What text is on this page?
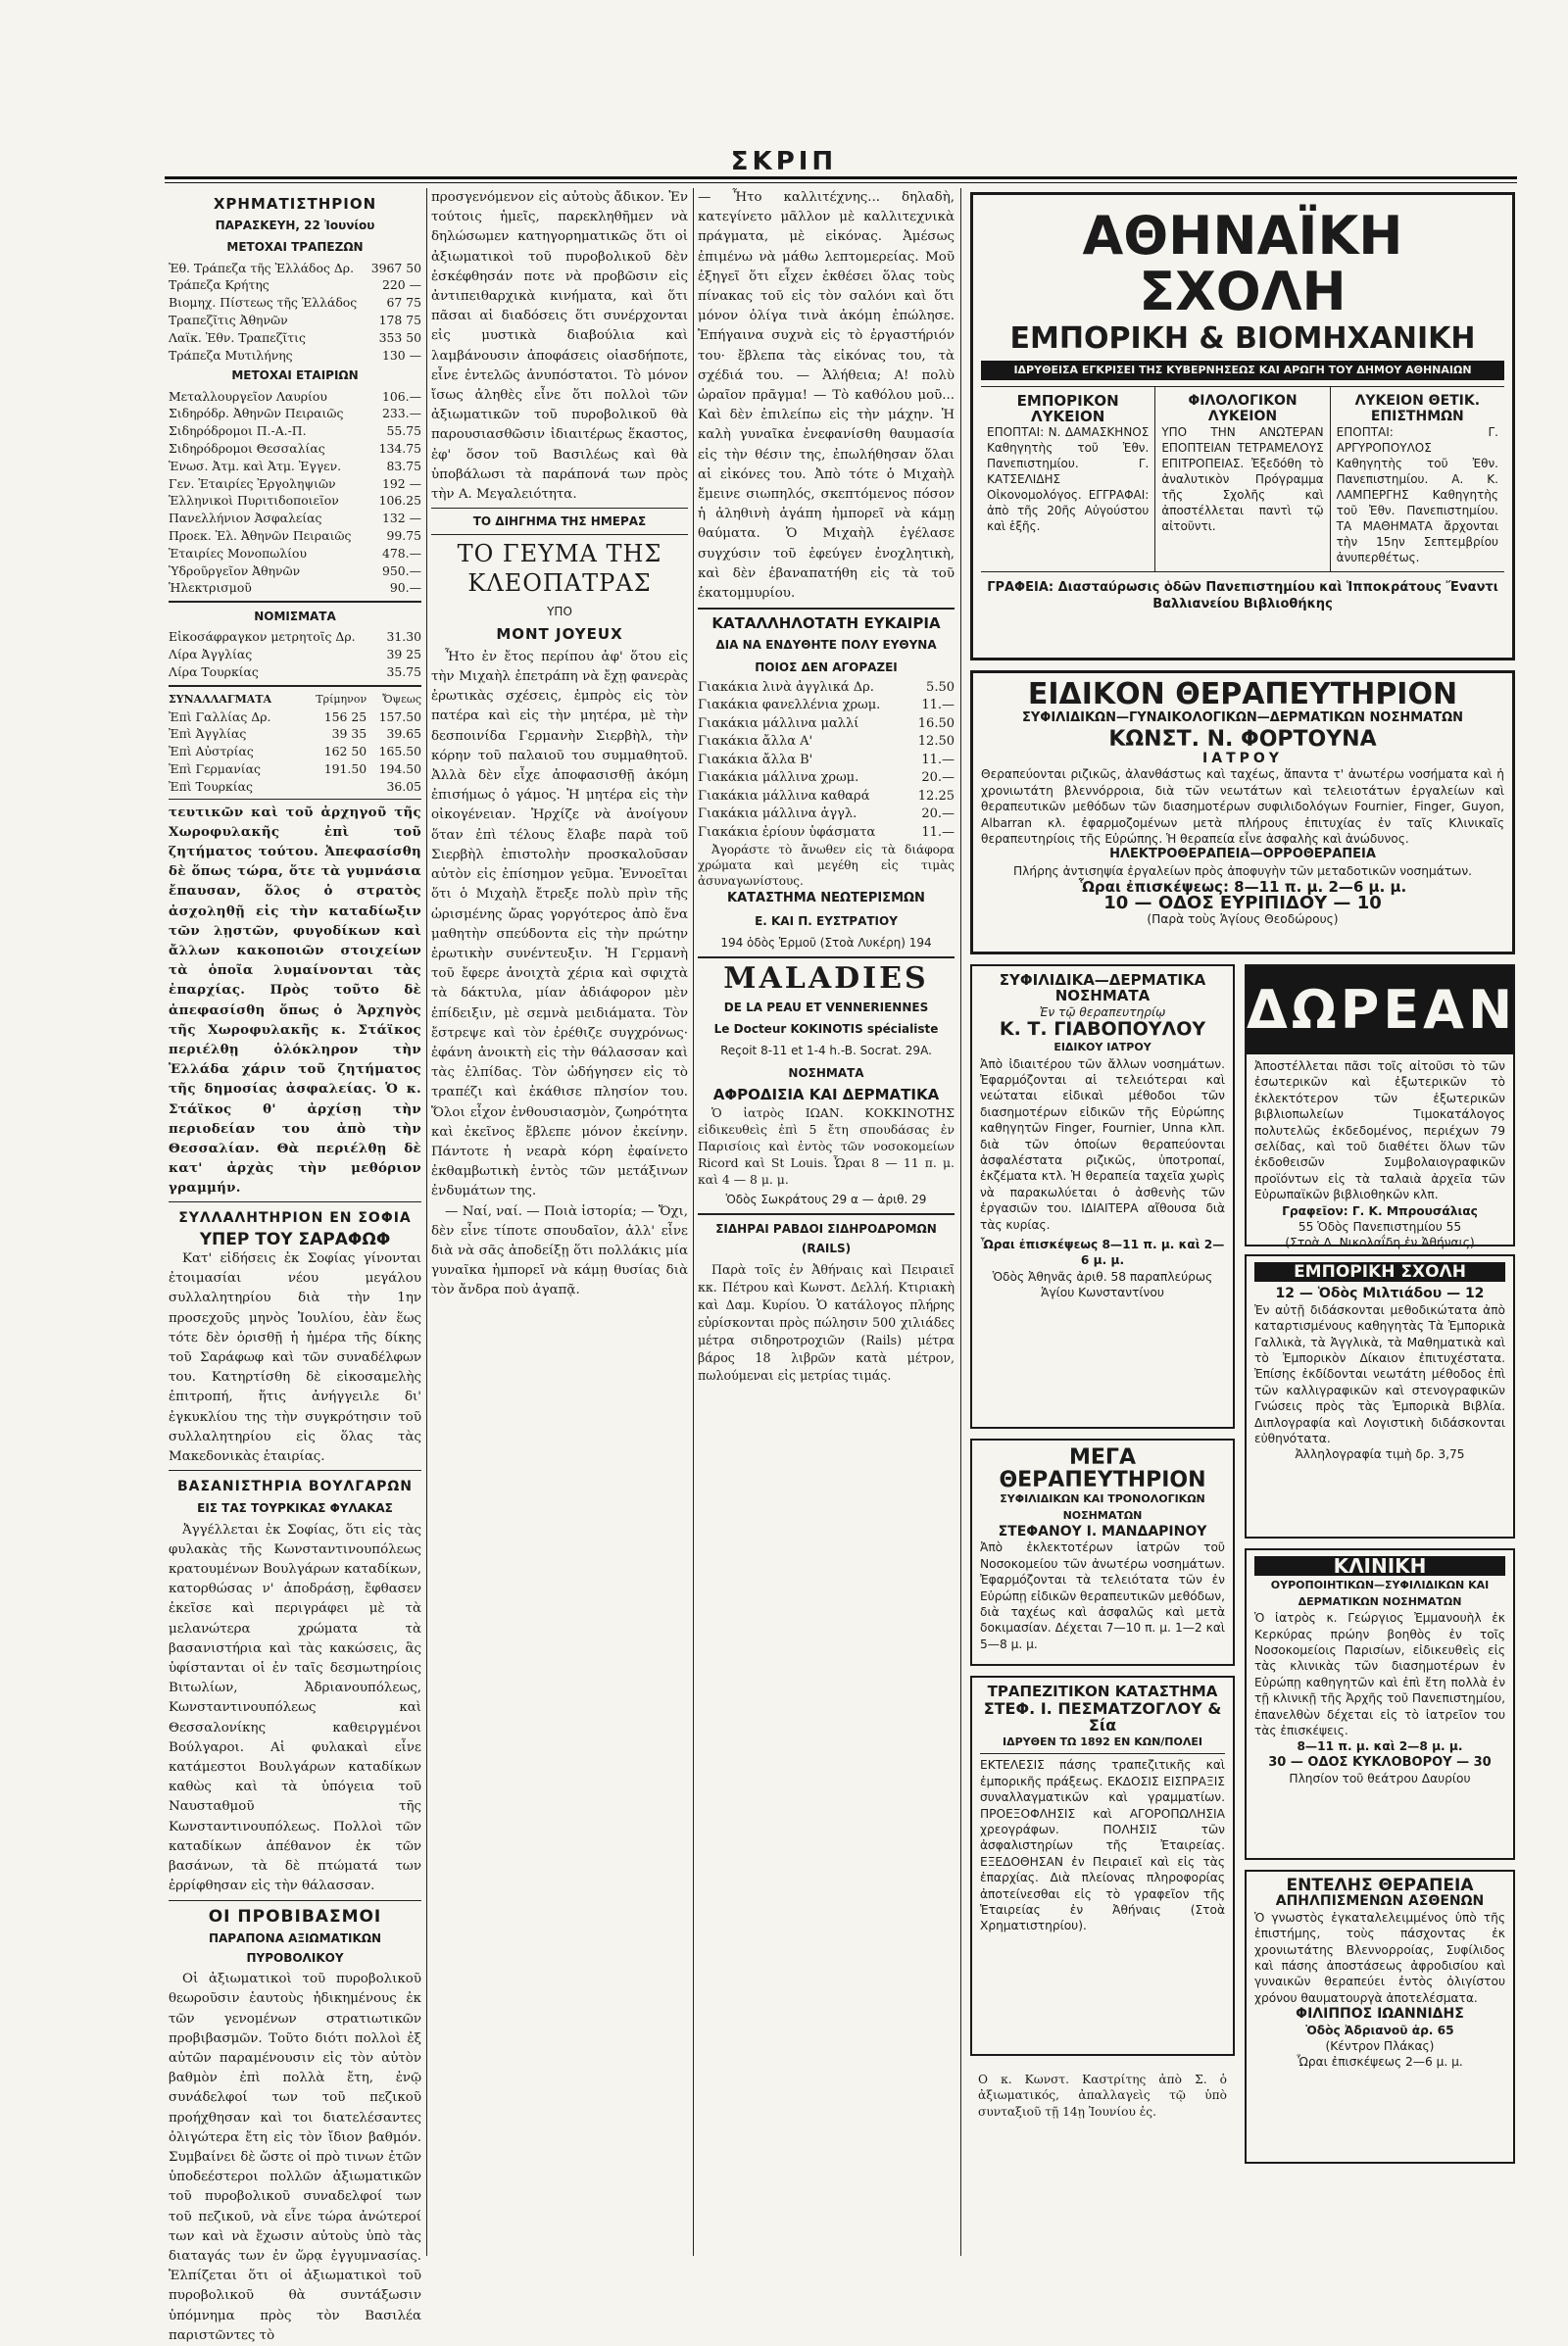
ΣΚΡΙΠ
ΧΡΗΜΑΤΙΣΤΗΡΙΟΝ
ΠΑΡΑΣΚΕΥΗ, 22 Ἰουνίου
ΜΕΤΟΧΑΙ ΤΡΑΠΕΖΩΝ
Ἐθ. Τράπεζα τῆς Ἑλλάδος Δρ.	3967 50
Τράπεζα Κρήτης	220 —
Βιομηχ. Πίστεως τῆς Ἑλλάδος	67 75
Τραπεζῖτις Ἀθηνῶν	178 75
Λαϊκ. Ἐθν. Τραπεζῖτις	353 50
Τράπεζα Μυτιλήνης	130 —
ΜΕΤΟΧΑΙ ΕΤΑΙΡΙΩΝ
Μεταλλουργεῖον Λαυρίου	106.—
Σιδηρόδρ. Ἀθηνῶν Πειραιῶς	233.—
Σιδηρόδρομοι Π.-Α.-Π.	55.75
Σιδηρόδρομοι Θεσσαλίας	134.75
Ἑνωσ. Ἀτμ. καὶ Ἀτμ. Ἐγγεν.	83.75
Γεν. Ἑταιρίες Ἐργοληψιῶν	192 —
Ἑλληνικοὶ Πυριτιδοποιεῖον	106.25
Πανελλήνιον Ἀσφαλείας	132 —
Προεκ. Ἐλ. Ἀθηνῶν Πειραιῶς	99.75
Ἑταιρίες Μονοπωλίου	478.—
Ὑδροῦργεῖον Ἀθηνῶν	950.—
Ἡλεκτρισμοῦ	90.—
ΝΟΜΙΣΜΑΤΑ
Εἰκοσάφραγκον μετρητοῖς Δρ.	31.30
Λίρα Ἀγγλίας	39 25
Λίρα Τουρκίας	35.75
ΣΥΝΑΛΛΑΓΜΑΤΑ	Τρίμηνον	Ὄψεως
Ἐπὶ Γαλλίας Δρ.	156 25	157.50
Ἐπὶ Ἀγγλίας	39 35	39.65
Ἐπὶ Αὐστρίας	162 50	165.50
Ἐπὶ Γερμανίας	191.50	194.50
Ἐπὶ Τουρκίας		36.05

τευτικῶν καὶ τοῦ ἀρχηγοῦ τῆς Χωροφυλακῆς ἐπὶ τοῦ ζητήματος τούτου. Ἀπεφασίσθη δὲ ὅπως τώρα, ὅτε τὰ γυμνάσια ἔπαυσαν, ὅλος ὁ στρατὸς ἀσχοληθῇ εἰς τὴν καταδίωξιν τῶν λῃστῶν, φυγοδίκων καὶ ἄλλων κακοποιῶν στοιχείων τὰ ὁποῖα λυμαίνονται τὰς ἐπαρχίας. Πρὸς τοῦτο δὲ ἀπεφασίσθη ὅπως ὁ Ἀρχηγὸς τῆς Χωροφυλακῆς κ. Στάϊκος περιέλθῃ ὁλόκληρον τὴν Ἑλλάδα χάριν τοῦ ζητήματος τῆς δημοσίας ἀσφαλείας. Ὁ κ. Στάϊκος θ' ἀρχίσῃ τὴν περιοδείαν του ἀπὸ τὴν Θεσσαλίαν. Θὰ περιέλθῃ δὲ κατ' ἀρχὰς τὴν μεθόριον γραμμήν.

ΣΥΛΛΑΛΗΤΗΡΙΟΝ ΕΝ ΣΟΦΙΑ
ΥΠΕΡ ΤΟΥ ΣΑΡΑΦΩΦ

Κατ' εἰδήσεις ἐκ Σοφίας γίνονται ἐτοιμασίαι νέου μεγάλου συλλαλητηρίου διὰ τὴν 1ην προσεχοῦς μηνὸς Ἰουλίου, ἐὰν ἕως τότε δὲν ὁρισθῇ ἡ ἡμέρα τῆς δίκης τοῦ Σαράφωφ καὶ τῶν συναδέλφων του. Κατηρτίσθη δὲ εἰκοσαμελὴς ἐπιτροπή, ἥτις ἀνήγγειλε δι' ἐγκυκλίου της τὴν συγκρότησιν τοῦ συλλαλητηρίου εἰς ὅλας τὰς Μακεδονικὰς ἑταιρίας.

ΒΑΣΑΝΙΣΤΗΡΙΑ ΒΟΥΛΓΑΡΩΝ
ΕΙΣ ΤΑΣ ΤΟΥΡΚΙΚΑΣ ΦΥΛΑΚΑΣ

Ἀγγέλλεται ἐκ Σοφίας, ὅτι εἰς τὰς φυλακὰς τῆς Κωνσταντινουπόλεως κρατουμένων Βουλγάρων καταδίκων, κατορθώσας ν' ἀποδράσῃ, ἔφθασεν ἐκεῖσε καὶ περιγράφει μὲ τὰ μελανώτερα χρώματα τὰ βασανιστήρια καὶ τὰς κακώσεις, ἃς ὑφίστανται οἱ ἐν ταῖς δεσμωτηρίοις Βιτωλίων, Ἀδριανουπόλεως, Κωνσταντινουπόλεως καὶ Θεσσαλονίκης καθειργμένοι Βούλγαροι. Αἱ φυλακαὶ εἶνε κατάμεστοι Βουλγάρων καταδίκων καθὼς καὶ τὰ ὑπόγεια τοῦ Ναυσταθμοῦ τῆς Κωνσταντινουπόλεως. Πολλοὶ τῶν καταδίκων ἀπέθανον ἐκ τῶν βασάνων, τὰ δὲ πτώματά των ἐρρίφθησαν εἰς τὴν θάλασσαν.

ΟΙ ΠΡΟΒΙΒΑΣΜΟΙ
ΠΑΡΑΠΟΝΑ ΑΞΙΩΜΑΤΙΚΩΝ ΠΥΡΟΒΟΛΙΚΟΥ

Οἱ ἀξιωματικοὶ τοῦ πυροβολικοῦ θεωροῦσιν ἑαυτοὺς ἠδικημένους ἐκ τῶν γενομένων στρατιωτικῶν προβιβασμῶν. Τοῦτο διότι πολλοὶ ἐξ αὐτῶν παραμένουσιν εἰς τὸν αὐτὸν βαθμὸν ἐπὶ πολλὰ ἔτη, ἐνῷ συνάδελφοί των τοῦ πεζικοῦ προήχθησαν καὶ τοι διατελέσαντες ὀλιγώτερα ἔτη εἰς τὸν ἴδιον βαθμόν. Συμβαίνει δὲ ὥστε οἱ πρὸ τινων ἐτῶν ὑποδεέστεροι πολλῶν ἀξιωματικῶν τοῦ πυροβολικοῦ συναδελφοί των τοῦ πεζικοῦ, νὰ εἶνε τώρα ἀνώτεροί των καὶ νὰ ἔχωσιν αὐτοὺς ὑπὸ τὰς διαταγάς των ἐν ὥρᾳ ἐγγυμνασίας. Ἐλπίζεται ὅτι οἱ ἀξιωματικοὶ τοῦ πυροβολικοῦ θὰ συντάξωσιν ὑπόμνημα πρὸς τὸν Βασιλέα παριστῶντες τὸ

προσγενόμενον εἰς αὐτοὺς ἄδικον. Ἐν τούτοις ἡμεῖς, παρεκληθῆμεν νὰ δηλώσωμεν κατηγορηματικῶς ὅτι οἱ ἀξιωματικοὶ τοῦ πυροβολικοῦ δὲν ἐσκέφθησάν ποτε νὰ προβῶσιν εἰς ἀντιπειθαρχικὰ κινήματα, καὶ ὅτι πᾶσαι αἱ διαδόσεις ὅτι συνέρχονται εἰς μυστικὰ διαβούλια καὶ λαμβάνουσιν ἀποφάσεις οἱασδήποτε, εἶνε ἐντελῶς ἀνυπόστατοι. Τὸ μόνον ἴσως ἀληθὲς εἶνε ὅτι πολλοὶ τῶν ἀξιωματικῶν τοῦ πυροβολικοῦ θὰ παρουσιασθῶσιν ἰδιαιτέρως ἕκαστος, ἐφ' ὅσον τοῦ Βασιλέως καὶ θὰ ὑποβάλωσι τὰ παράπονά των πρὸς τὴν Α. Μεγαλειότητα.

ΤΟ ΔΙΗΓΗΜΑ ΤΗΣ ΗΜΕΡΑΣ
ΤΟ ΓΕΥΜΑ ΤΗΣ ΚΛΕΟΠΑΤΡΑΣ
ΥΠΟ
MONT JOYEUX

Ἦτο ἐν ἔτος περίπου ἀφ' ὅτου εἰς τὴν Μιχαὴλ ἐπετράπη νὰ ἔχῃ φανερὰς ἐρωτικὰς σχέσεις, ἐμπρὸς εἰς τὸν πατέρα καὶ εἰς τὴν μητέρα, μὲ τὴν δεσποινίδα Γερμανὴν Σιερβὴλ, τὴν κόρην τοῦ παλαιοῦ του συμμαθητοῦ. Ἀλλὰ δὲν εἶχε ἀποφασισθῇ ἀκόμη ἐπισήμως ὁ γάμος. Ἡ μητέρα εἰς τὴν οἰκογένειαν. Ἠρχίζε νὰ ἀνοίγουν ὅταν ἐπὶ τέλους ἔλαβε παρὰ τοῦ Σιερβὴλ ἐπιστολὴν προσκαλοῦσαν αὐτὸν εἰς ἐπίσημον γεῦμα. Ἐννοεῖται ὅτι ὁ Μιχαὴλ ἔτρεξε πολὺ πρὶν τῆς ὡρισμένης ὥρας γοργότερος ἀπὸ ἕνα μαθητὴν σπεύδοντα εἰς τὴν πρώτην ἐρωτικὴν συνέντευξιν. Ἡ Γερμανὴ τοῦ ἔφερε ἀνοιχτὰ χέρια καὶ σφιχτὰ τὰ δάκτυλα, μίαν ἀδιάφορον μὲν ἐπίδειξιν, μὲ σεμνὰ μειδιάματα. Τὸν ἔστρεψε καὶ τὸν ἐρέθιζε συγχρόνως· ἐφάνη ἀνοικτὴ εἰς τὴν θάλασσαν καὶ τὰς ἐλπίδας. Τὸν ὡδήγησεν εἰς τὸ τραπέζι καὶ ἐκάθισε πλησίον του. Ὅλοι εἶχον ἐνθουσιασμὸν, ζωηρότητα καὶ ἐκεῖνος ἔβλεπε μόνον ἐκείνην. Πάντοτε ἡ νεαρὰ κόρη ἐφαίνετο ἐκθαμβωτικὴ ἐντὸς τῶν μετάξινων ἐνδυμάτων της.

— Ναί, ναί. — Ποιὰ ἱστορία; — Ὄχι, δὲν εἶνε τίποτε σπουδαῖον, ἀλλ' εἶνε διὰ νὰ σᾶς ἀποδείξῃ ὅτι πολλάκις μία γυναῖκα ἠμπορεῖ νὰ κάμῃ θυσίας διὰ τὸν ἄνδρα ποὺ ἀγαπᾷ.

— Ἦτο καλλιτέχνης... δηλαδὴ, κατεγίνετο μᾶλλον μὲ καλλιτεχνικὰ πράγματα, μὲ εἰκόνας. Ἀμέσως ἐπιμένω νὰ μάθω λεπτομερείας. Μοῦ ἐξηγεῖ ὅτι εἶχεν ἐκθέσει ὅλας τοὺς πίνακας τοῦ εἰς τὸν σαλόνι καὶ ὅτι μόνον ὀλίγα τινὰ ἀκόμη ἐπώλησε. Ἐπήγαινα συχνὰ εἰς τὸ ἐργαστήριόν του· ἔβλεπα τὰς εἰκόνας του, τὰ σχέδιά του. — Ἀλήθεια; Α! πολὺ ὡραῖον πρᾶγμα! — Τὸ καθόλου μοῦ... Καὶ δὲν ἐπιλείπω εἰς τὴν μάχην. Ἡ καλὴ γυναῖκα ἐνεφανίσθη θαυμασία εἰς τὴν θέσιν της, ἐπωλήθησαν ὅλαι αἱ εἰκόνες του. Ἀπὸ τότε ὁ Μιχαὴλ ἔμεινε σιωπηλός, σκεπτόμενος πόσον ἡ ἀληθινὴ ἀγάπη ἠμπορεῖ νὰ κάμῃ θαύματα. Ὁ Μιχαὴλ ἐγέλασε συγχύσιν τοῦ ἐφεύγεν ἐνοχλητικὴ, καὶ δὲν ἐβαναπατήθη εἰς τὰ τοῦ ἑκατομμυρίου.

ΚΑΤΑΛΛΗΛΟΤΑΤΗ ΕΥΚΑΙΡΙΑ
ΔΙΑ ΝΑ ΕΝΔΥΘΗΤΕ ΠΟΛΥ ΕΥΘΥΝΑ
ΠΟΙΟΣ ΔΕΝ ΑΓΟΡΑΖΕΙ
Γιακάκια λινὰ ἀγγλικά Δρ.	5.50
Γιακάκια φανελλένια χρωμ.	11.—
Γιακάκια μάλλινα μαλλί	16.50
Γιακάκια ἄλλα Α'	12.50
Γιακάκια ἄλλα Β'	11.—
Γιακάκια μάλλινα χρωμ.	20.—
Γιακάκια μάλλινα καθαρά	12.25
Γιακάκια μάλλινα ἀγγλ.	20.—
Γιακάκια ἐρίουν ὑφάσματα	11.—

Ἀγοράστε τὸ ἄνωθεν εἰς τὰ διάφορα χρώματα καὶ μεγέθη εἰς τιμὰς ἀσυναγωνίστους.

ΚΑΤΑΣΤΗΜΑ ΝΕΩΤΕΡΙΣΜΩΝ
Ε. ΚΑΙ Π. ΕΥΣΤΡΑΤΙΟΥ
194 ὁδὸς Ἑρμοῦ (Στοὰ Λυκέρη) 194
MALADIES
DE LA PEAU ET VENNERIENNES
Le Docteur KOKINOTIS spécialiste
Reçoit 8-11 et 1-4 h.-B. Socrat. 29A.
ΝΟΣΗΜΑΤΑ
ΑΦΡΟΔΙΣΙΑ ΚΑΙ ΔΕΡΜΑΤΙΚΑ

Ὁ ἰατρὸς ΙΩΑΝ. ΚΟΚΚΙΝΟΤΗΣ εἰδικευθεὶς ἐπὶ 5 ἔτη σπουδάσας ἐν Παρισίοις καὶ ἐντὸς τῶν νοσοκομείων Ricord καὶ St Louis. Ὧραι 8 — 11 π. μ. καὶ 4 — 8 μ. μ.

Ὁδὸς Σωκράτους 29 α — ἀριθ. 29
ΣΙΔΗΡΑΙ ΡΑΒΔΟΙ ΣΙΔΗΡΟΔΡΟΜΩΝ (RAILS)

Παρὰ τοῖς ἐν Ἀθήναις καὶ Πειραιεῖ κκ. Πέτρου καὶ Κωνστ. Δελλή. Κτιριακὴ καὶ Δαμ. Κυρίου. Ὁ κατάλογος πλήρης εὐρίσκονται πρὸς πώλησιν 500 χιλιάδες μέτρα σιδηροτροχιῶν (Rails) μέτρα βάρος 18 λιβρῶν κατὰ μέτρον, πωλούμεναι εἰς μετρίας τιμάς.

ΑΘΗΝΑΪΚΗ ΣΧΟΛΗ
ΕΜΠΟΡΙΚΗ & ΒΙΟΜΗΧΑΝΙΚΗ
ΙΔΡΥΘΕΙΣΑ ΕΓΚΡΙΣΕΙ ΤΗΣ ΚΥΒΕΡΝΗΣΕΩΣ ΚΑΙ ΑΡΩΓΗ ΤΟΥ ΔΗΜΟΥ ΑΘΗΝΑΙΩΝ
ΕΜΠΟΡΙΚΟΝ ΛΥΚΕΙΟΝ

ΕΠΟΠΤΑΙ: Ν. ΔΑΜΑΣΚΗΝΟΣ Καθηγητὴς τοῦ Ἐθν. Πανεπιστημίου. Γ. ΚΑΤΣΕΛΙΔΗΣ Οἰκονομολόγος. ΕΓΓΡΑΦΑΙ: ἀπὸ τῆς 20ῆς Αὐγούστου καὶ ἑξῆς.

ΦΙΛΟΛΟΓΙΚΟΝ ΛΥΚΕΙΟΝ

ΥΠΟ ΤΗΝ ΑΝΩΤΕΡΑΝ ΕΠΟΠΤΕΙΑΝ ΤΕΤΡΑΜΕΛΟΥΣ ΕΠΙΤΡΟΠΕΙΑΣ. Ἐξεδόθη τὸ ἀναλυτικὸν Πρόγραμμα τῆς Σχολῆς καὶ ἀποστέλλεται παντὶ τῷ αἰτοῦντι.

ΛΥΚΕΙΟΝ ΘΕΤΙΚ. ΕΠΙΣΤΗΜΩΝ

ΕΠΟΠΤΑΙ: Γ. ΑΡΓΥΡΟΠΟΥΛΟΣ Καθηγητὴς τοῦ Ἐθν. Πανεπιστημίου. Α. Κ. ΛΑΜΠΕΡΓΗΣ Καθηγητὴς τοῦ Ἐθν. Πανεπιστημίου. ΤΑ ΜΑΘΗΜΑΤΑ ἄρχονται τὴν 15ην Σεπτεμβρίου ἀνυπερθέτως.

ΓΡΑΦΕΙΑ: Διασταύρωσις ὁδῶν Πανεπιστημίου καὶ Ἱπποκράτους Ἔναντι Βαλλιανείου Βιβλιοθήκης
ΕΙΔΙΚΟΝ ΘΕΡΑΠΕΥΤΗΡΙΟΝ
ΣΥΦΙΛΙΔΙΚΩΝ—ΓΥΝΑΙΚΟΛΟΓΙΚΩΝ—ΔΕΡΜΑΤΙΚΩΝ ΝΟΣΗΜΑΤΩΝ
ΚΩΝΣΤ. Ν. ΦΟΡΤΟΥΝΑ
ΙΑΤΡΟΥ

Θεραπεύονται ριζικῶς, ἀλανθάστως καὶ ταχέως, ἅπαντα τ' ἀνωτέρω νοσήματα καὶ ἡ χρονιωτάτη βλεννόρροια, διὰ τῶν νεωτάτων καὶ τελειοτάτων ἐργαλείων καὶ θεραπευτικῶν μεθόδων τῶν διασημοτέρων συφιλιδολόγων Fournier, Finger, Guyon, Albarran κλ. ἐφαρμοζομένων μετὰ πλήρους ἐπιτυχίας ἐν ταῖς Κλινικαῖς θεραπευτηρίοις τῆς Εὐρώπης. Ἡ θεραπεία εἶνε ἀσφαλὴς καὶ ἀνώδυνος.

ΗΛΕΚΤΡΟΘΕΡΑΠΕΙΑ—ΟΡΡΟΘΕΡΑΠΕΙΑ

Πλήρης ἀντισηψία ἐργαλείων πρὸς ἀποφυγὴν τῶν μεταδοτικῶν νοσημάτων.

Ὧραι ἐπισκέψεως: 8—11 π. μ. 2—6 μ. μ.
10 — ΟΔΟΣ ΕΥΡΙΠΙΔΟΥ — 10
(Παρὰ τοὺς Ἁγίους Θεοδώρους)
ΣΥΦΙΛΙΔΙΚΑ—ΔΕΡΜΑΤΙΚΑ ΝΟΣΗΜΑΤΑ
Ἐν τῷ θεραπευτηρίῳ
Κ. Τ. ΓΙΑΒΟΠΟΥΛΟΥ
ΕΙΔΙΚΟΥ ΙΑΤΡΟΥ

Ἀπὸ ἰδιαιτέρου τῶν ἄλλων νοσημάτων. Ἐφαρμόζονται αἱ τελειότεραι καὶ νεώταται εἰδικαὶ μέθοδοι τῶν διασημοτέρων εἰδικῶν τῆς Εὐρώπης καθηγητῶν Finger, Fournier, Unna κλπ. διὰ τῶν ὁποίων θεραπεύονται ἀσφαλέστατα ριζικῶς, ὑποτροπαί, ἐκζέματα κτλ. Ἡ θεραπεία ταχεῖα χωρὶς νὰ παρακωλύεται ὁ ἀσθενὴς τῶν ἐργασιῶν του. ΙΔΙΑΙΤΕΡΑ αἴθουσα διὰ τὰς κυρίας.

Ὧραι ἐπισκέψεως 8—11 π. μ. καὶ 2—6 μ. μ.
Ὁδὸς Ἀθηνᾶς ἀριθ. 58 παραπλεύρως Ἁγίου Κωνσταντίνου
ΔΩΡΕΑΝ

Ἀποστέλλεται πᾶσι τοῖς αἰτοῦσι τὸ τῶν ἐσωτερικῶν καὶ ἐξωτερικῶν τὸ ἐκλεκτότερον τῶν ἐξωτερικῶν βιβλιοπωλείων Τιμοκατάλογος πολυτελῶς ἐκδεδομένος, περιέχων 79 σελίδας, καὶ τοῦ διαθέτει ὅλων τῶν ἐκδοθεισῶν Συμβολαιογραφικῶν προϊόντων εἰς τὰ ταλαιὰ ἀρχεῖα τῶν Εὐρωπαϊκῶν βιβλιοθηκῶν κλπ.

Γραφεῖον: Γ. Κ. Μπρουσάλιας
55 Ὁδὸς Πανεπιστημίου 55
(Στοὰ Λ. Νικολαΐδη ἐν Ἀθήναις)
ΕΜΠΟΡΙΚΗ ΣΧΟΛΗ
12 — Ὁδὸς Μιλτιάδου — 12

Ἐν αὐτῇ διδάσκονται μεθοδικώτατα ἀπὸ καταρτισμένους καθηγητὰς Τὰ Ἐμπορικὰ Γαλλικὰ, τὰ Ἀγγλικὰ, τὰ Μαθηματικὰ καὶ τὸ Ἐμπορικὸν Δίκαιον ἐπιτυχέστατα. Ἐπίσης ἐκδίδονται νεωτάτη μέθοδος ἐπὶ τῶν καλλιγραφικῶν καὶ στενογραφικῶν Γνώσεις πρὸς τὰς Ἐμπορικὰ Βιβλία. Διπλογραφία καὶ Λογιστικὴ διδάσκονται εὐθηνότατα.

Ἀλληλογραφία τιμὴ δρ. 3,75
ΜΕΓΑ ΘΕΡΑΠΕΥΤΗΡΙΟΝ
ΣΥΦΙΛΙΔΙΚΩΝ ΚΑΙ ΤΡΟΝΟΛΟΓΙΚΩΝ ΝΟΣΗΜΑΤΩΝ
ΣΤΕΦΑΝΟΥ Ι. ΜΑΝΔΑΡΙΝΟΥ

Ἀπὸ ἐκλεκτοτέρων ἰατρῶν τοῦ Νοσοκομείου τῶν ἀνωτέρω νοσημάτων. Ἐφαρμόζονται τὰ τελειότατα τῶν ἐν Εὐρώπῃ εἰδικῶν θεραπευτικῶν μεθόδων, διὰ ταχέως καὶ ἀσφαλῶς καὶ μετὰ δοκιμασίαν. Δέχεται 7—10 π. μ. 1—2 καὶ 5—8 μ. μ.

ΚΛΙΝΙΚΗ
ΟΥΡΟΠΟΙΗΤΙΚΩΝ—ΣΥΦΙΛΙΔΙΚΩΝ ΚΑΙ ΔΕΡΜΑΤΙΚΩΝ ΝΟΣΗΜΑΤΩΝ

Ὁ ἰατρὸς κ. Γεώργιος Ἐμμανουὴλ ἐκ Κερκύρας πρώην βοηθὸς ἐν τοῖς Νοσοκομείοις Παρισίων, εἰδικευθεὶς εἰς τὰς κλινικὰς τῶν διασημοτέρων ἐν Εὐρώπῃ καθηγητῶν καὶ ἐπὶ ἔτη πολλὰ ἐν τῇ κλινικῇ τῆς Ἀρχῆς τοῦ Πανεπιστημίου, ἐπανελθὼν δέχεται εἰς τὸ ἰατρεῖον του τὰς ἐπισκέψεις.

8—11 π. μ. καὶ 2—8 μ. μ.
30 — ΟΔΟΣ ΚΥΚΛΟΒΟΡΟΥ — 30
Πλησίον τοῦ θεάτρου Δαυρίου
ΤΡΑΠΕΖΙΤΙΚΟΝ ΚΑΤΑΣΤΗΜΑ
ΣΤΕΦ. Ι. ΠΕΣΜΑΤΖΟΓΛΟΥ & Σία
ΙΔΡΥΘΕΝ ΤΩ 1892 ΕΝ ΚΩΝ/ΠΟΛΕΙ

ΕΚΤΕΛΕΣΙΣ πάσης τραπεζιτικῆς καὶ ἐμπορικῆς πράξεως. ΕΚΔΟΣΙΣ ΕΙΣΠΡΑΞΙΣ συναλλαγματικῶν καὶ γραμματίων. ΠΡΟΕΞΟΦΛΗΣΙΣ καὶ ΑΓΟΡΟΠΩΛΗΣΙΑ χρεογράφων. ΠΟΛΗΣΙΣ τῶν ἀσφαλιστηρίων τῆς Ἐταιρείας. ΕΞΕΔΟΘΗΣΑΝ ἐν Πειραιεῖ καὶ εἰς τὰς ἐπαρχίας. Διὰ πλείονας πληροφορίας ἀποτείνεσθαι εἰς τὸ γραφεῖον τῆς Ἑταιρείας ἐν Ἀθήναις (Στοὰ Χρηματιστηρίου).

ΕΝΤΕΛΗΣ ΘΕΡΑΠΕΙΑ
ΑΠΗΛΠΙΣΜΕΝΩΝ ΑΣΘΕΝΩΝ

Ὁ γνωστὸς ἐγκαταλελειμμένος ὑπὸ τῆς ἐπιστήμης, τοὺς πάσχοντας ἐκ χρονιωτάτης Βλεννορροίας, Συφίλιδος καὶ πάσης ἀποστάσεως ἀφροδισίου καὶ γυναικῶν θεραπεύει ἐντὸς ὀλιγίστου χρόνου θαυματουργὰ ἀποτελέσματα.

ΦΙΛΙΠΠΟΣ ΙΩΑΝΝΙΔΗΣ
Ὁδὸς Ἀδριανοῦ ἀρ. 65
(Κέντρον Πλάκας)
Ὧραι ἐπισκέψεως 2—6 μ. μ.

Ο κ. Κωνστ. Καστρίτης ἀπὸ Σ. ὁ ἀξιωματικός, ἀπαλλαγεὶς τῷ ὑπὸ συνταξιοῦ τῇ 14ῃ Ἰουνίου ἐς.
